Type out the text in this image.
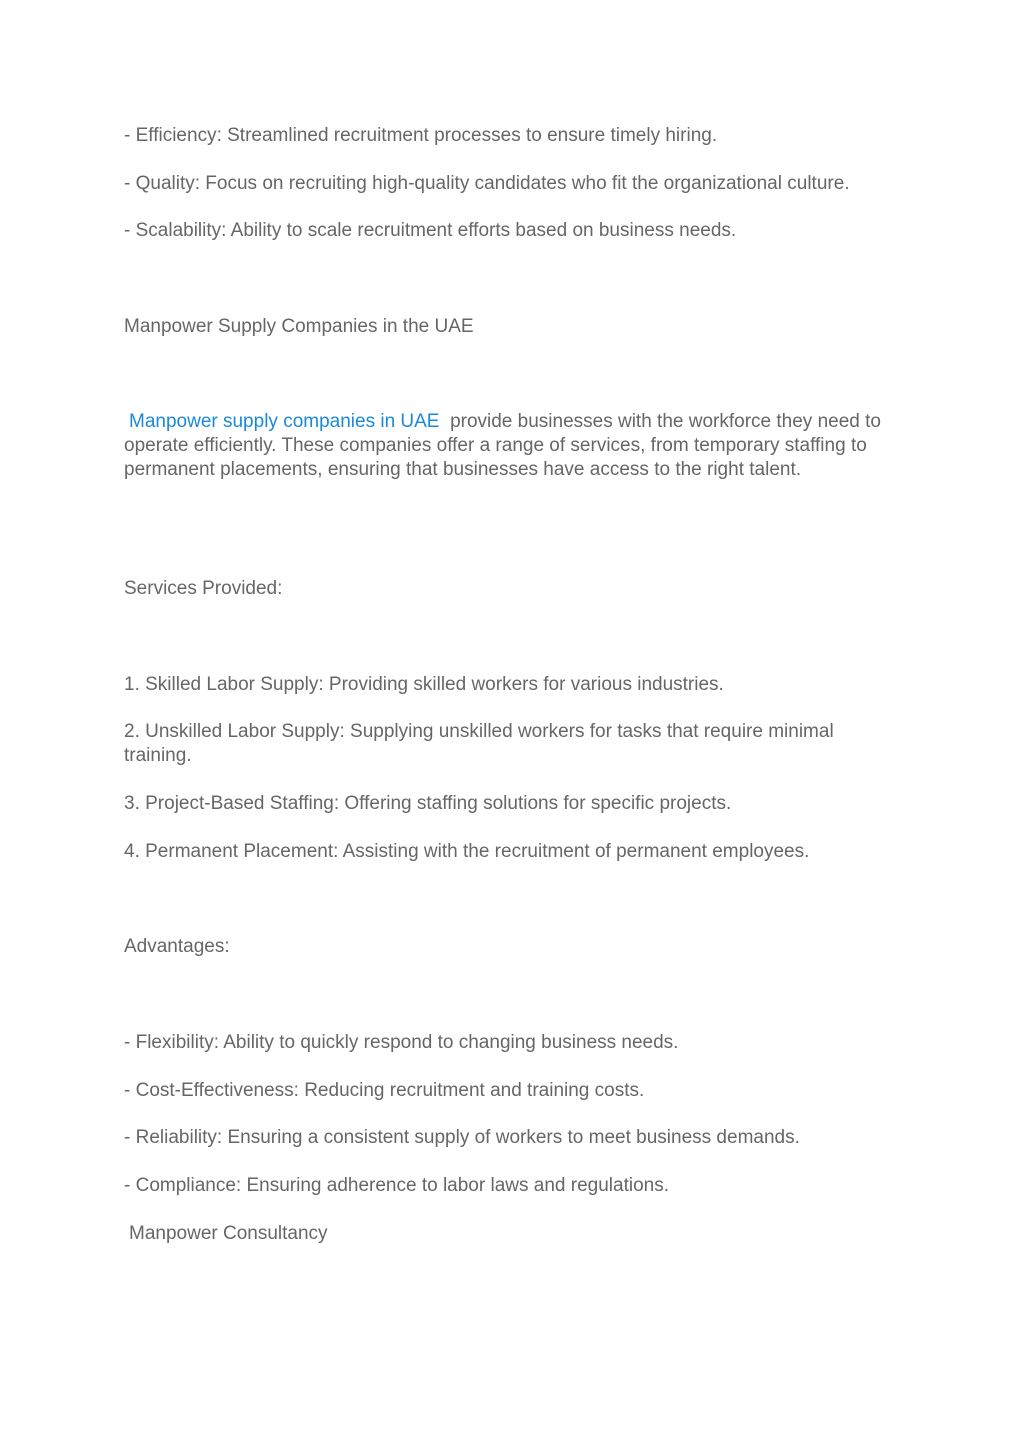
- Efficiency: Streamlined recruitment processes to ensure timely hiring.

- Quality: Focus on recruiting high-quality candidates who fit the organizational culture.

- Scalability: Ability to scale recruitment efforts based on business needs.

Manpower Supply Companies in the UAE

Manpower supply companies in UAE provide businesses with the workforce they need to operate efficiently. These companies offer a range of services, from temporary staffing to permanent placements, ensuring that businesses have access to the right talent.

Services Provided:

1. Skilled Labor Supply: Providing skilled workers for various industries.

2. Unskilled Labor Supply: Supplying unskilled workers for tasks that require minimal training.

3. Project-Based Staffing: Offering staffing solutions for specific projects.

4. Permanent Placement: Assisting with the recruitment of permanent employees.

Advantages:

- Flexibility: Ability to quickly respond to changing business needs.

- Cost-Effectiveness: Reducing recruitment and training costs.

- Reliability: Ensuring a consistent supply of workers to meet business demands.

- Compliance: Ensuring adherence to labor laws and regulations.

Manpower Consultancy
